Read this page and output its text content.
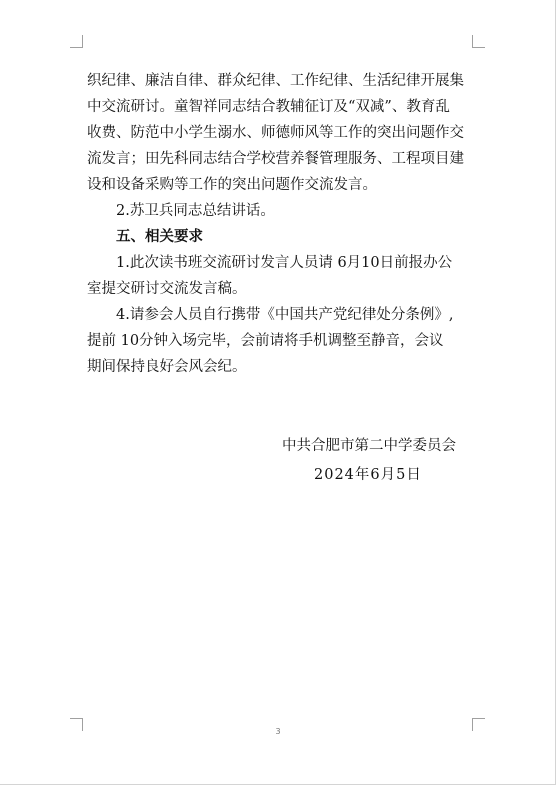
织纪律、廉洁自律、群众纪律、工作纪律、生活纪律开展集
中交流研讨。童智祥同志结合教辅征订及“双减”、教育乱
收费、防范中小学生溺水、师德师风等工作的突出问题作交
流发言；田先科同志结合学校营养餐管理服务、工程项目建
设和设备采购等工作的突出问题作交流发言。

2.苏卫兵同志总结讲话。

五、相关要求

1.此次读书班交流研讨发言人员请 6月10日前报办公
室提交研讨交流发言稿。

4.请参会人员自行携带《中国共产党纪律处分条例》,
提前 10分钟入场完毕，会前请将手机调整至静音，会议
期间保持良好会风会纪。

中共合肥市第二中学委员会
2024年6月5日
3
